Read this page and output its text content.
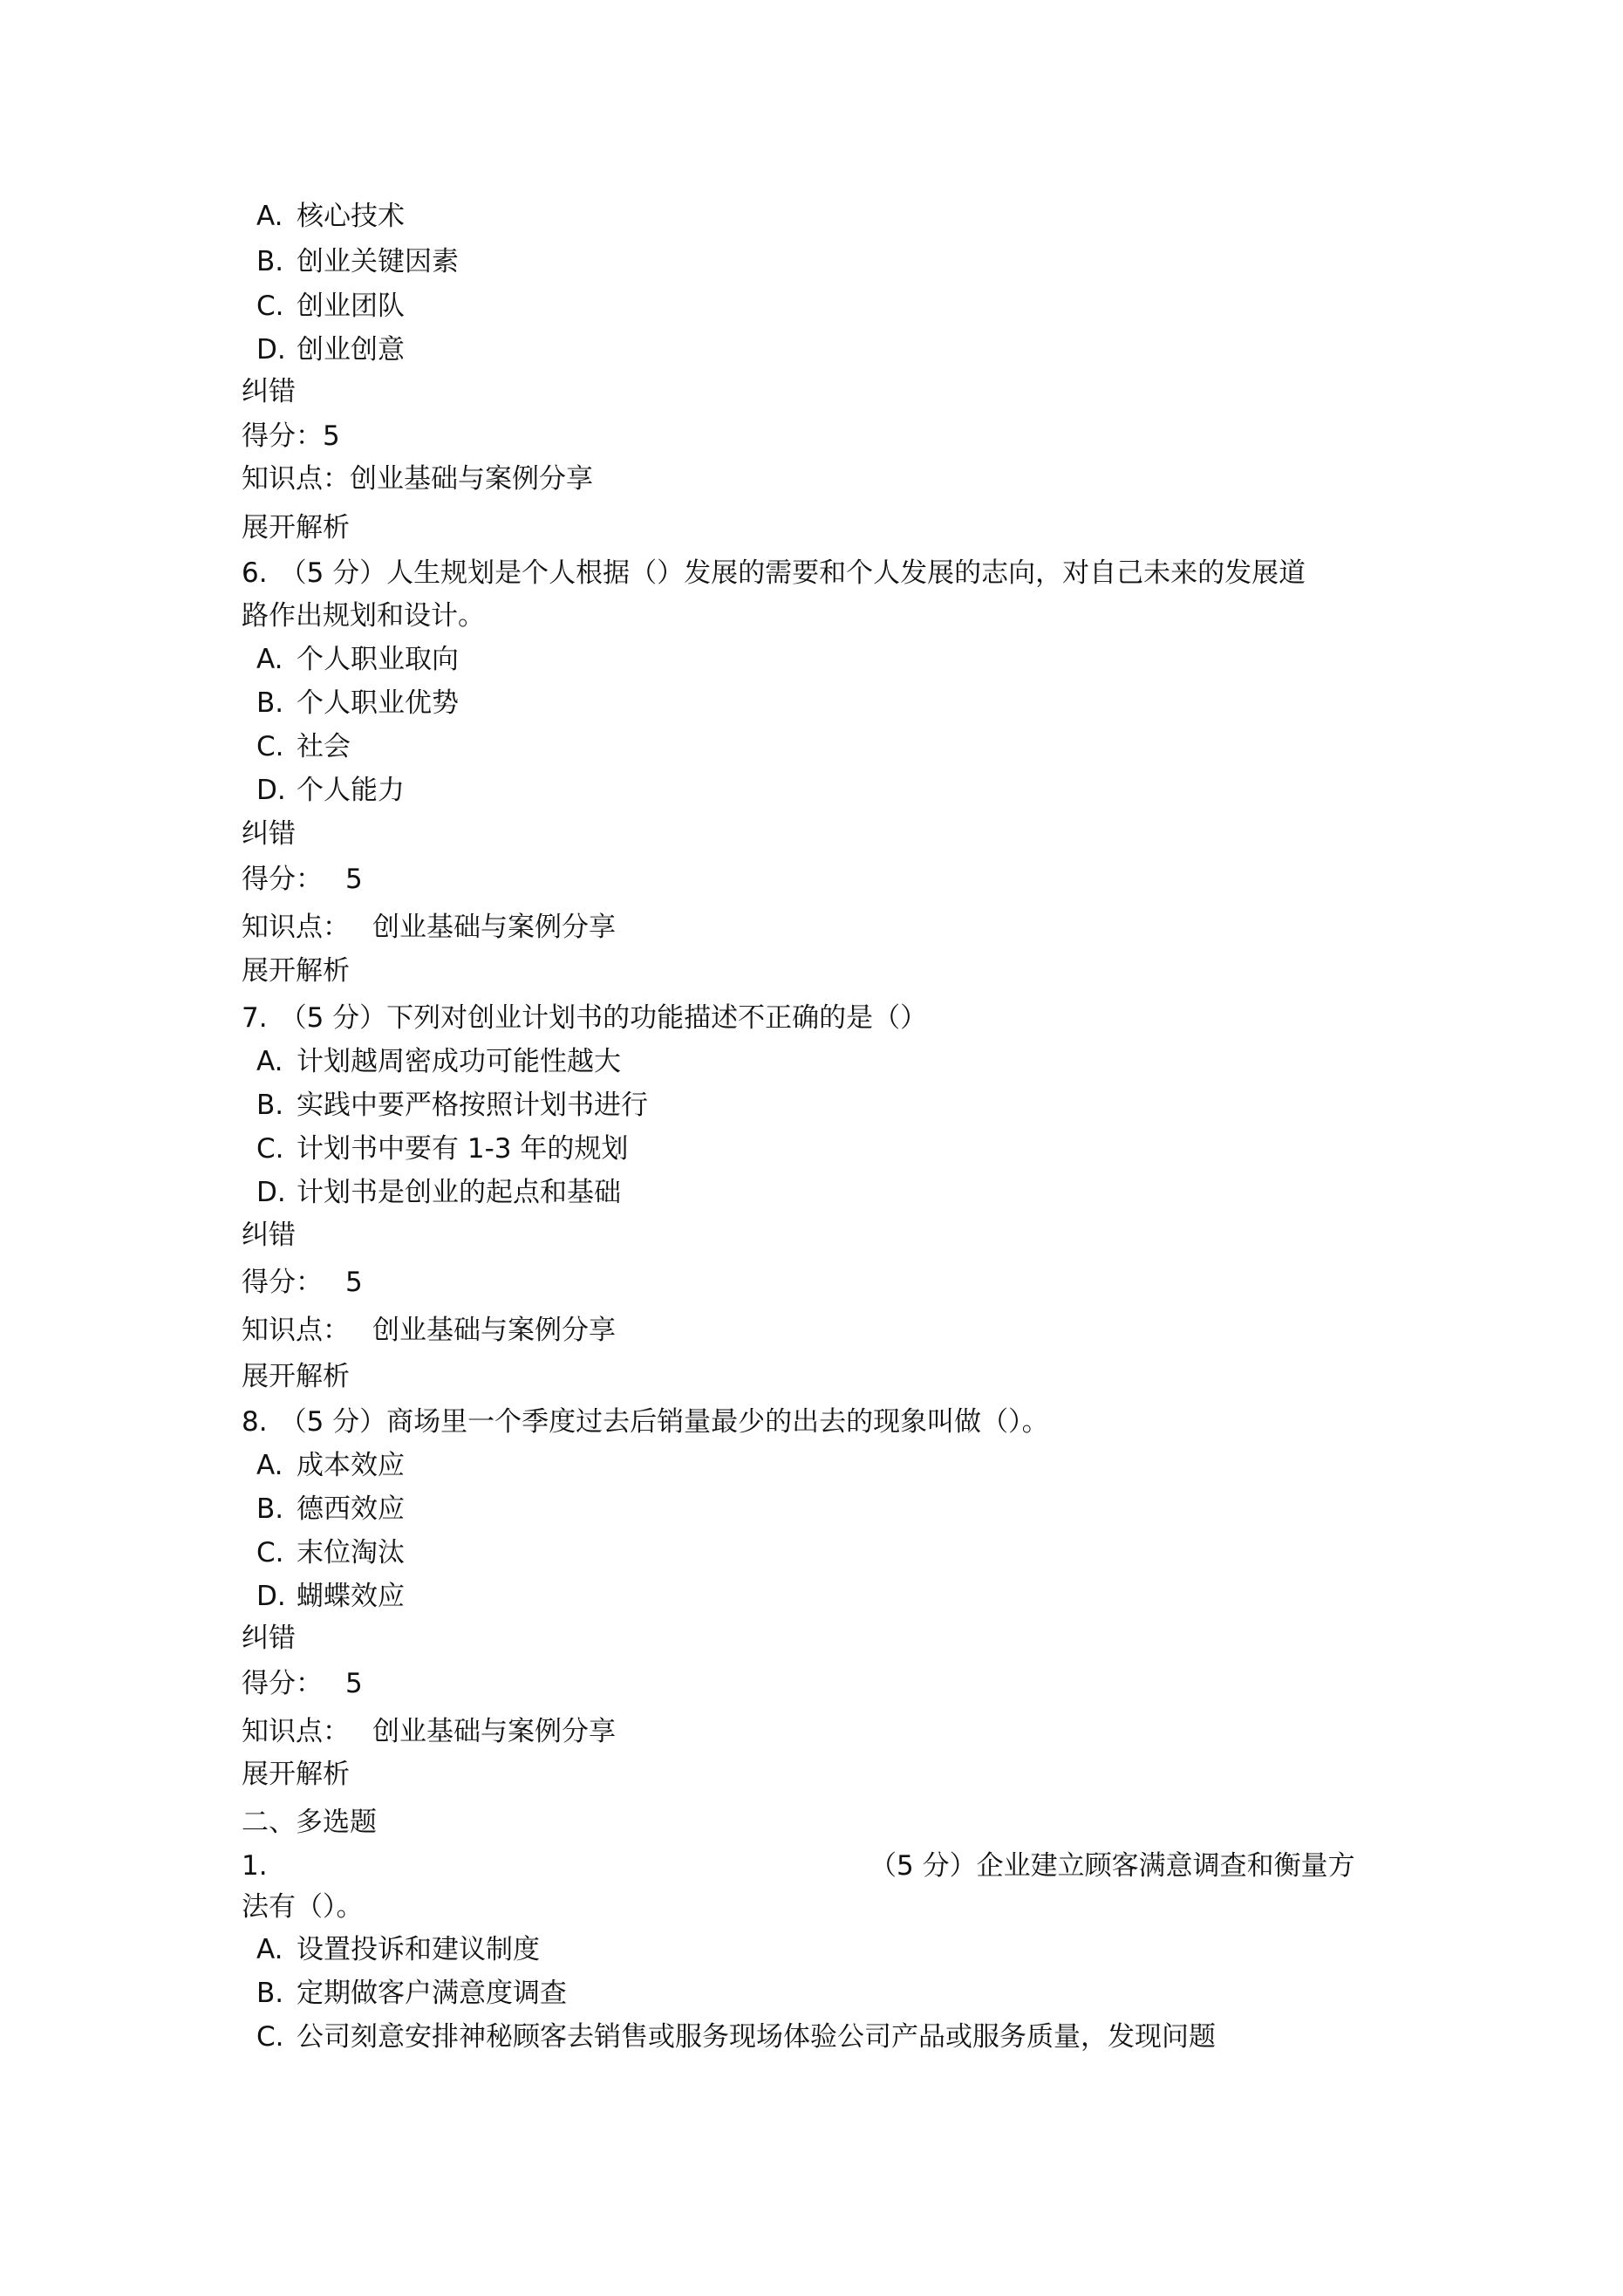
A. 核心技术
B. 创业关键因素
C. 创业团队
D. 创业创意
纠错
得分：5
知识点：创业基础与案例分享
展开解析
6. （5 分）人生规划是个人根据（）发展的需要和个人发展的志向，对自己未来的发展道
路作出规划和设计。
A. 个人职业取向
B. 个人职业优势
C. 社会
D. 个人能力
纠错
得分： 5
知识点： 创业基础与案例分享
展开解析
7. （5 分）下列对创业计划书的功能描述不正确的是（）
A. 计划越周密成功可能性越大
B. 实践中要严格按照计划书进行
C. 计划书中要有 1-3 年的规划
D. 计划书是创业的起点和基础
纠错
得分： 5
知识点： 创业基础与案例分享
展开解析
8. （5 分）商场里一个季度过去后销量最少的出去的现象叫做（）。
A. 成本效应
B. 德西效应
C. 末位淘汰
D. 蝴蝶效应
纠错
得分： 5
知识点： 创业基础与案例分享
展开解析
二、多选题
1.	（5 分）企业建立顾客满意调查和衡量方
法有（）。
A. 设置投诉和建议制度
B. 定期做客户满意度调查
C. 公司刻意安排神秘顾客去销售或服务现场体验公司产品或服务质量，发现问题
